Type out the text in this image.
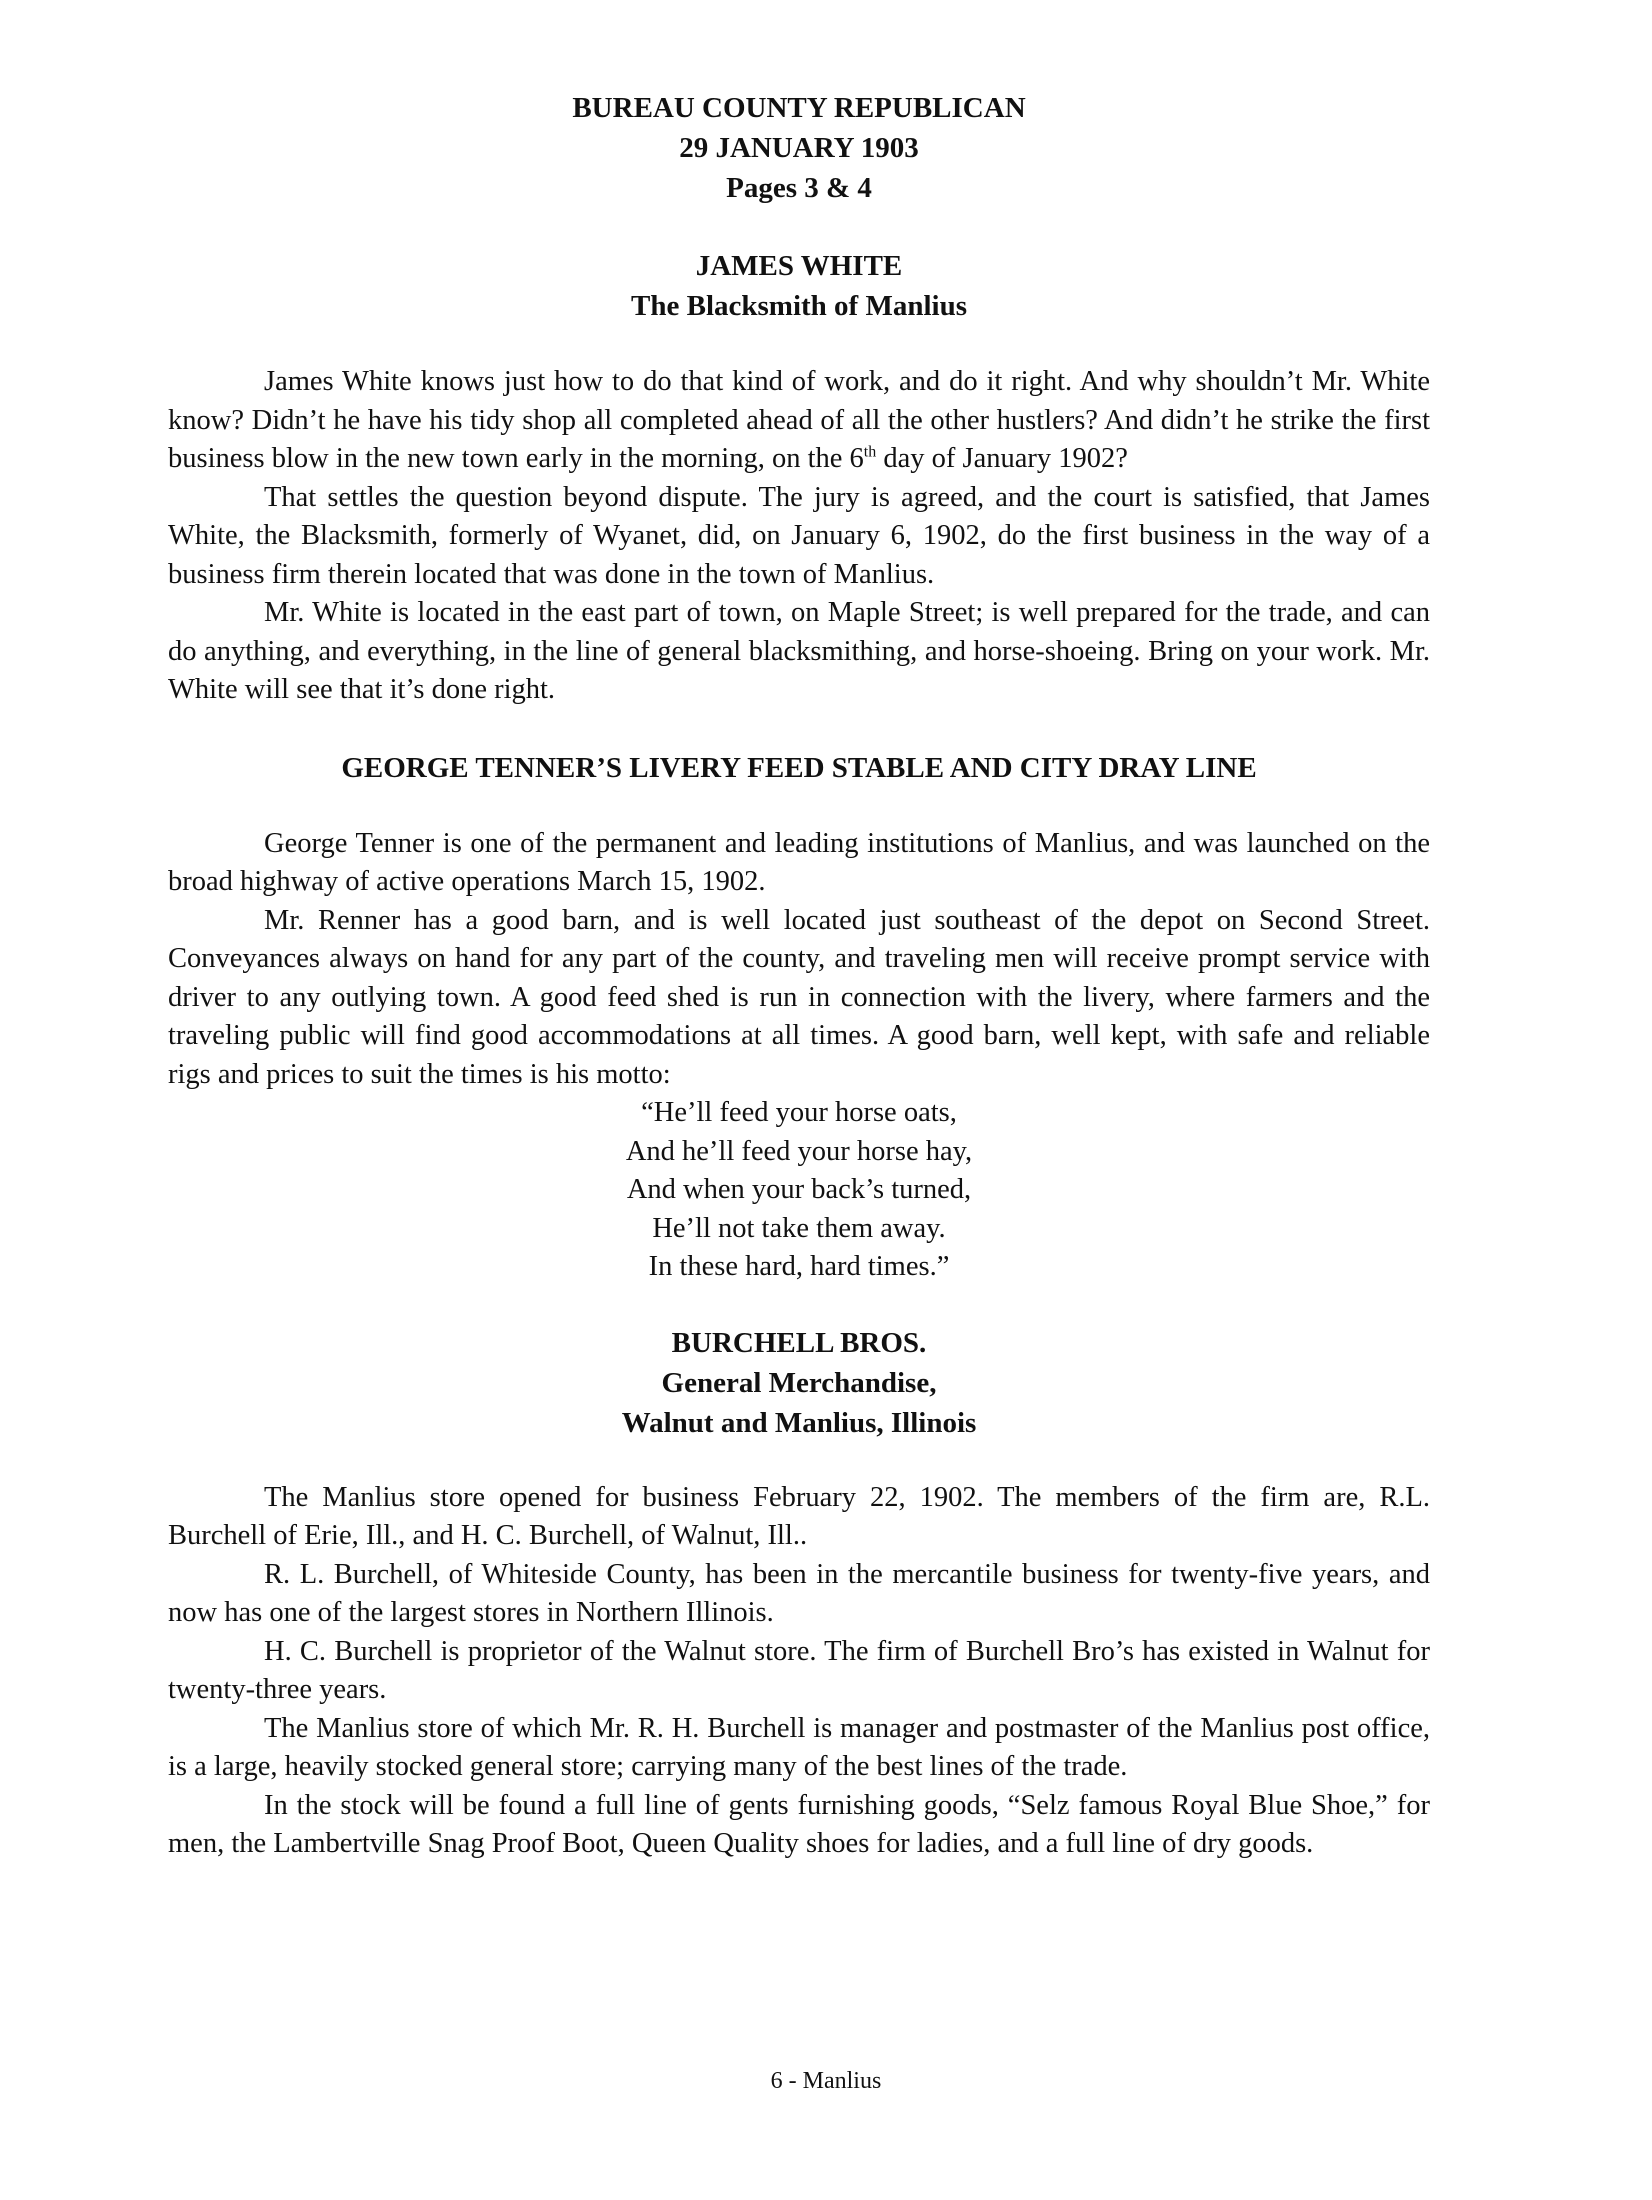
BUREAU COUNTY REPUBLICAN

29 JANUARY 1903

Pages 3 & 4

JAMES WHITE

The Blacksmith of Manlius

James White knows just how to do that kind of work, and do it right. And why shouldn’t Mr. White know? Didn’t he have his tidy shop all completed ahead of all the other hustlers? And didn’t he strike the first business blow in the new town early in the morning, on the 6th day of January 1902?

That settles the question beyond dispute. The jury is agreed, and the court is satisfied, that James White, the Blacksmith, formerly of Wyanet, did, on January 6, 1902, do the first business in the way of a business firm therein located that was done in the town of Manlius.

Mr. White is located in the east part of town, on Maple Street; is well prepared for the trade, and can do anything, and everything, in the line of general blacksmithing, and horse-shoeing. Bring on your work. Mr. White will see that it’s done right.

GEORGE TENNER’S LIVERY FEED STABLE AND CITY DRAY LINE

George Tenner is one of the permanent and leading institutions of Manlius, and was launched on the broad highway of active operations March 15, 1902.

Mr. Renner has a good barn, and is well located just southeast of the depot on Second Street. Conveyances always on hand for any part of the county, and traveling men will receive prompt service with driver to any outlying town. A good feed shed is run in connection with the livery, where farmers and the traveling public will find good accommodations at all times. A good barn, well kept, with safe and reliable rigs and prices to suit the times is his motto:

“He’ll feed your horse oats,

And he’ll feed your horse hay,

And when your back’s turned,

He’ll not take them away.

In these hard, hard times.”

BURCHELL BROS.

General Merchandise,

Walnut and Manlius, Illinois

The Manlius store opened for business February 22, 1902. The members of the firm are, R.L. Burchell of Erie, Ill., and H. C. Burchell, of Walnut, Ill..

R. L. Burchell, of Whiteside County, has been in the mercantile business for twenty-five years, and now has one of the largest stores in Northern Illinois.

H. C. Burchell is proprietor of the Walnut store. The firm of Burchell Bro’s has existed in Walnut for twenty-three years.

The Manlius store of which Mr. R. H. Burchell is manager and postmaster of the Manlius post office, is a large, heavily stocked general store; carrying many of the best lines of the trade.

In the stock will be found a full line of gents furnishing goods, “Selz famous Royal Blue Shoe,” for men, the Lambertville Snag Proof Boot, Queen Quality shoes for ladies, and a full line of dry goods.

6 - Manlius
